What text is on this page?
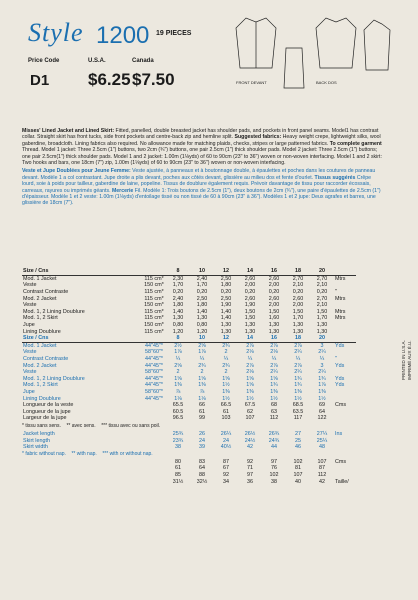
Style 1200 19 PIECES
Price Code	U.S.A.	Canada
D1 $6.25 $7.50	FRONT DEVANT	BACK DOS

Misses' Lined Jacket and Lined Skirt: Fitted, panelled, double breasted jacket has shoulder pads, and pockets in front panel seams. Model1 has contrast collar. Straight skirt has front tucks, side front pockets and centre-back zip and hemline split. Suggested fabrics: Heavy weight crepe, lightweight silks, wool gaberdine, broadcloth. Lining fabrics also required. No allowance made for matching plaids, checks, stripes or large patterned fabrics. To complete garment Thread. Model 1 jacket: Three 2.5cm (1") buttons, two 2cm (¾") buttons, one pair 2.5cm (1") thick shoulder pads. Model 2 jacket: Three 2.5cm (1") buttons; one pair 2.5cm(1") thick shoulder pads. Model 1 and 2 jacket: 1.00m (1⅛yds) of 60 to 90cm (23" to 36") woven or non-woven interfacing. Model 1 and 2 skirt: Two hooks and bars, one 18cm (7") zip, 1.00m (1⅛yds) of 60 to 90cm (23" to 36") woven or non-woven interfacing.

Veste et Jupe Doublées pour Jeune Femme: Veste ajustée, à panneaux et à boutonnage double, à épaulettes et poches dans les coutures de panneau devant. Modèle 1 a col contrastant. Jupe droite a plis devant, poches aux côtés devant, glissière au milieu dos et fente d'ourlet. Tissus suggérés Crêpe lourd, soie à poids pour tailleur, gaberdine de laine, popeline. Tissus de doublure également requis. Prévoir davantage de tissu pour raccorder écossais, carreaux, rayures ou imprimés géants. Mercerie Fil. Modèle 1: Trois boutons de 2.5cm (1"), deux boutons de 2cm (¾"), une paire d'épaulettes de 2.5cm (1") d'épaisseur. Modèle 1 et 2 veste: 1.00m (1⅛yds) d'entoilage tissé ou non tissé de 60 à 90cm (23" à 36"). Modèles 1 et 2 jupe: Deux agrafes et barres, une glissière de 18cm (7").

Size / Cns		8	10	12	14	16	18	20	
Mod. 1 Jacket	115 cm*	2,30	2,40	2,50	2,60	2,60	2,70	2,70	Mtrs
Veste	150 cm*	1,70	1,70	1,80	2,00	2,00	2,10	2,10	
Contrast Contraste	115 cm*	0,20	0,20	0,20	0,20	0,20	0,20	0,20	"
Mod. 2 Jacket	115 cm*	2,40	2,50	2,50	2,60	2,60	2,60	2,70	Mtrs
Veste	150 cm*	1,80	1,80	1,90	1,90	2,00	2,00	2,10	
Mod. 1, 2 Lining Doublure	115 cm*	1,40	1,40	1,40	1,50	1,50	1,50	1,50	Mtrs
Mod. 1, 2 Skirt	115 cm*	1,30	1,30	1,40	1,50	1,60	1,70	1,70	Mtrs
Jupe	150 cm*	0,80	0,80	1,30	1,30	1,30	1,30	1,30	
Lining Doublure	115 cm*	1,20	1,20	1,30	1,30	1,30	1,30	1,30	
Size / Cns		8	10	12	14	16	18	20	
Mod. 1 Jacket	44"45"*	2½	2⅝	2¾	2⅞	2⅞	2⅞	3	Yds
Veste	58"60"*	1⅞	1⅞	2	2⅛	2⅛	2¼	2¼	
Contrast Contraste	44"45"*	¼	¼	¼	¼	¼	¼	¼	"
Mod. 2 Jacket	44"45"*	2⅝	2¾	2¾	2⅞	2⅞	2⅞	3	Yds
Veste	58"60"*	2	2	2	2⅛	2¼	2¼	2¼	
Mod. 1, 2 Lining Doublure	44"45"*	1⅝	1⅝	1⅝	1⅝	1⅝	1¾	1¾	Yds
Mod. 1, 2 Skirt	44"45"*	1⅜	1⅜	1½	1⅝	1¾	1¾	1⅞	Yds
Jupe	58"60"*	⅞	⅞	1⅜	1⅜	1⅜	1⅜	1⅜	
Lining Doublure	44"45"*	1⅛	1⅛	1½	1½	1½	1½	1½	
Longueur de la veste		65.5	66	66.5	67.5	68	68.5	69	Cms
Longueur de la jupe		60.5	61	61	62	63	63.5	64	
Largeur de la jupe		96.5	99	103	107	112	117	122	
* tissu sans sens. ** avec sens. *** tissu avec ou sans poil.
Jacket length		25¾	26	26¼	26½	26¾	27	27¼	Ins
Skirt length		23¾	24	24	24½	24¾	25	25¼	
Skirt width		38	39	40½	42	44	46	48	
* fabric without nap. ** with nap. *** with or without nap.
		80	83	87	92	97	102	107	Cms
		61	64	67	71	76	81	87	
		85	88	92	97	102	107	112	
		31½	32½	34	36	38	40	42	Taille/
PRINTED IN U.S.A. IMPRIMÉ AUX É.U.
